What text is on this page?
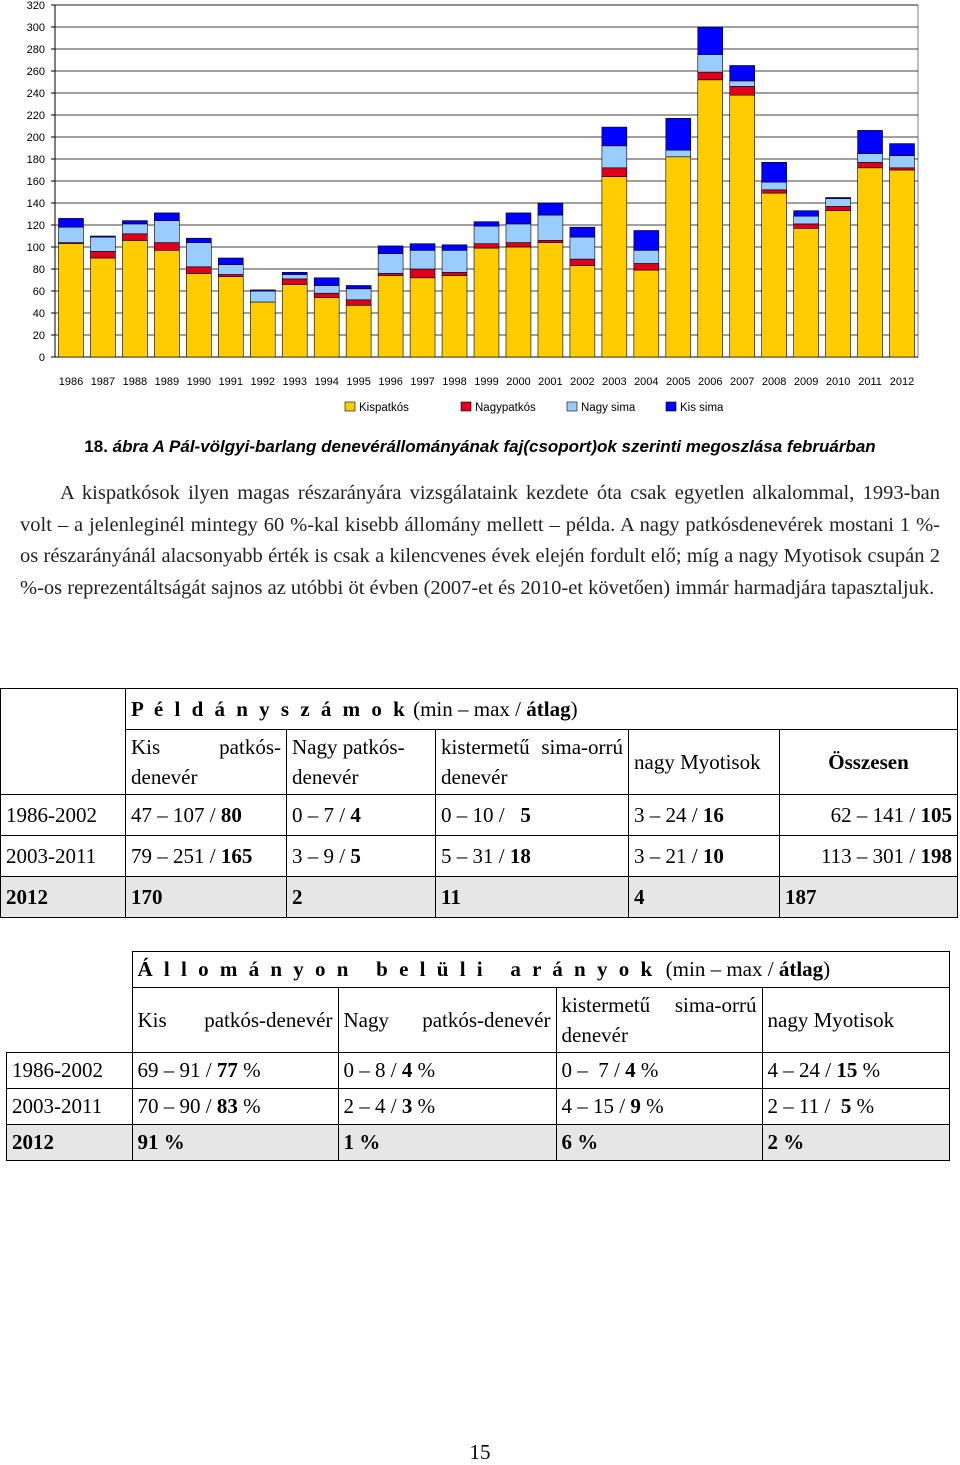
0
20
40
60
80
100
120
140
160
180
200
220
240
260
280
300
320
1986 1987 1988 1989 1990 1991 1992 1993 1994 1995 1996 1997 1998 1999 2000 2001 2002 2003 2004 2005 2006 2007 2008 2009 2010 2011 2012
Kispatkós	Nagypatkós	Nagy sima	Kis sima
18. ábra A Pál-völgyi-barlang denevérállományának faj(csoport)ok szerinti megoszlása februárban

A kispatkósok ilyen magas részarányára vizsgálataink kezdete óta csak egyetlen alkalommal, 1993-ban volt – a jelenleginél mintegy 60 %-kal kisebb állomány mellett – példa. A nagy patkósdenevérek mostani 1 %-os részarányánál alacsonyabb érték is csak a kilencvenes évek elején fordult elő; míg a nagy Myotisok csupán 2 %-os reprezentáltságát sajnos az utóbbi öt évben (2007-et és 2010-et követően) immár harmadjára tapasztaljuk.

	P é l d á n y s z á m o k (min – max / átlag)				
	Kis patkós-denevér	Nagy patkós-denevér	kistermetű sima-orrú denevér	nagy Myotisok	Összesen
1986-2002	47 – 107 / 80	0 – 7 / 4	0 – 10 /   5	3 – 24 / 16	62 – 141 / 105
2003-2011	79 – 251 / 165	3 – 9 / 5	5 – 31 / 18	3 – 21 / 10	113 – 301 / 198
2012	170	2	11	4	187
	Á l l o m á n y o n   b e l ü l i   a r á n y o k  (min – max / átlag)			
	Kis patkós-denevér	Nagy patkós-denevér	kistermetű sima-orrú denevér	nagy Myotisok
1986-2002	69 – 91 / 77 %	0 – 8 / 4 %	0 –  7 / 4 %	4 – 24 / 15 %
2003-2011	70 – 90 / 83 %	2 – 4 / 3 %	4 – 15 / 9 %	2 – 11 /  5 %
2012	91 %	1 %	6 %	2 %
15
